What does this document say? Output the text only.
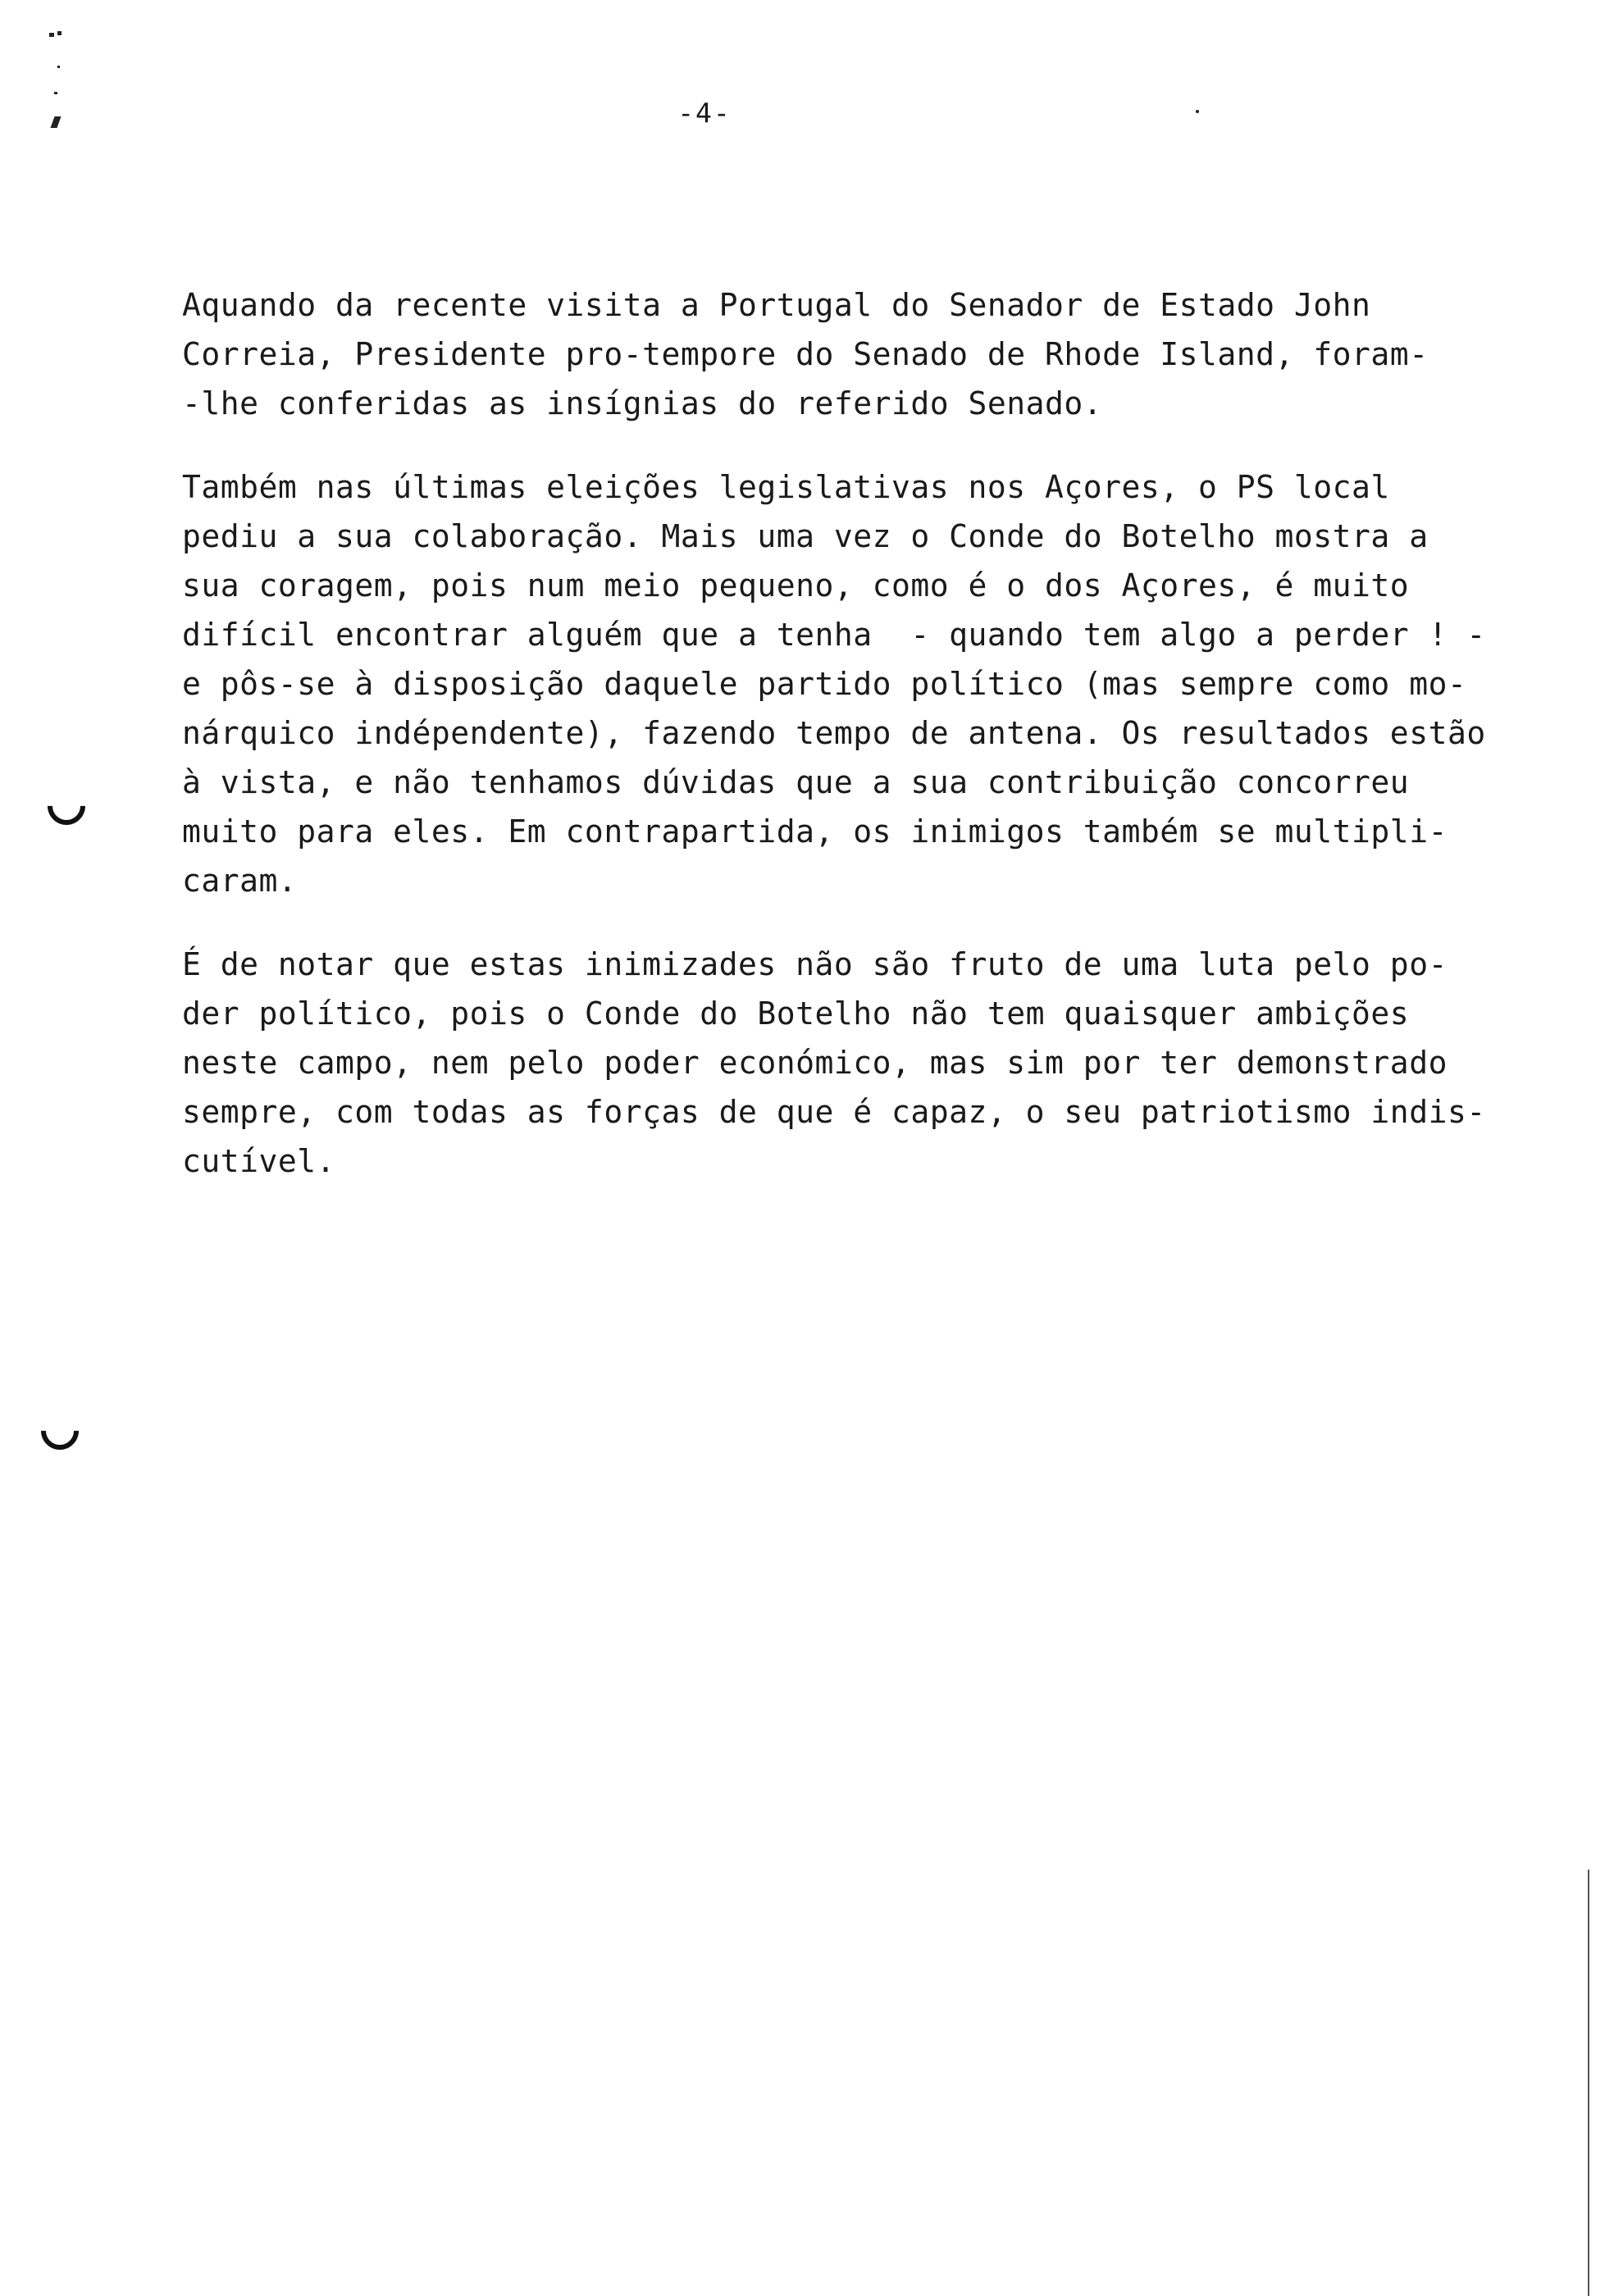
-4-
Aquando da recente visita a Portugal do Senador de Estado John
Correia, Presidente pro-tempore do Senado de Rhode Island, foram-
-lhe conferidas as insígnias do referido Senado.
Também nas últimas eleições legislativas nos Açores, o PS local
pediu a sua colaboração. Mais uma vez o Conde do Botelho mostra a
sua coragem, pois num meio pequeno, como é o dos Açores, é muito
difícil encontrar alguém que a tenha  - quando tem algo a perder ! -
e pôs-se à disposição daquele partido político (mas sempre como mo-
nárquico indépendente), fazendo tempo de antena. Os resultados estão
à vista, e não tenhamos dúvidas que a sua contribuição concorreu
muito para eles. Em contrapartida, os inimigos também se multipli-
caram.
É de notar que estas inimizades não são fruto de uma luta pelo po-
der político, pois o Conde do Botelho não tem quaisquer ambições
neste campo, nem pelo poder económico, mas sim por ter demonstrado
sempre, com todas as forças de que é capaz, o seu patriotismo indis-
cutível.
